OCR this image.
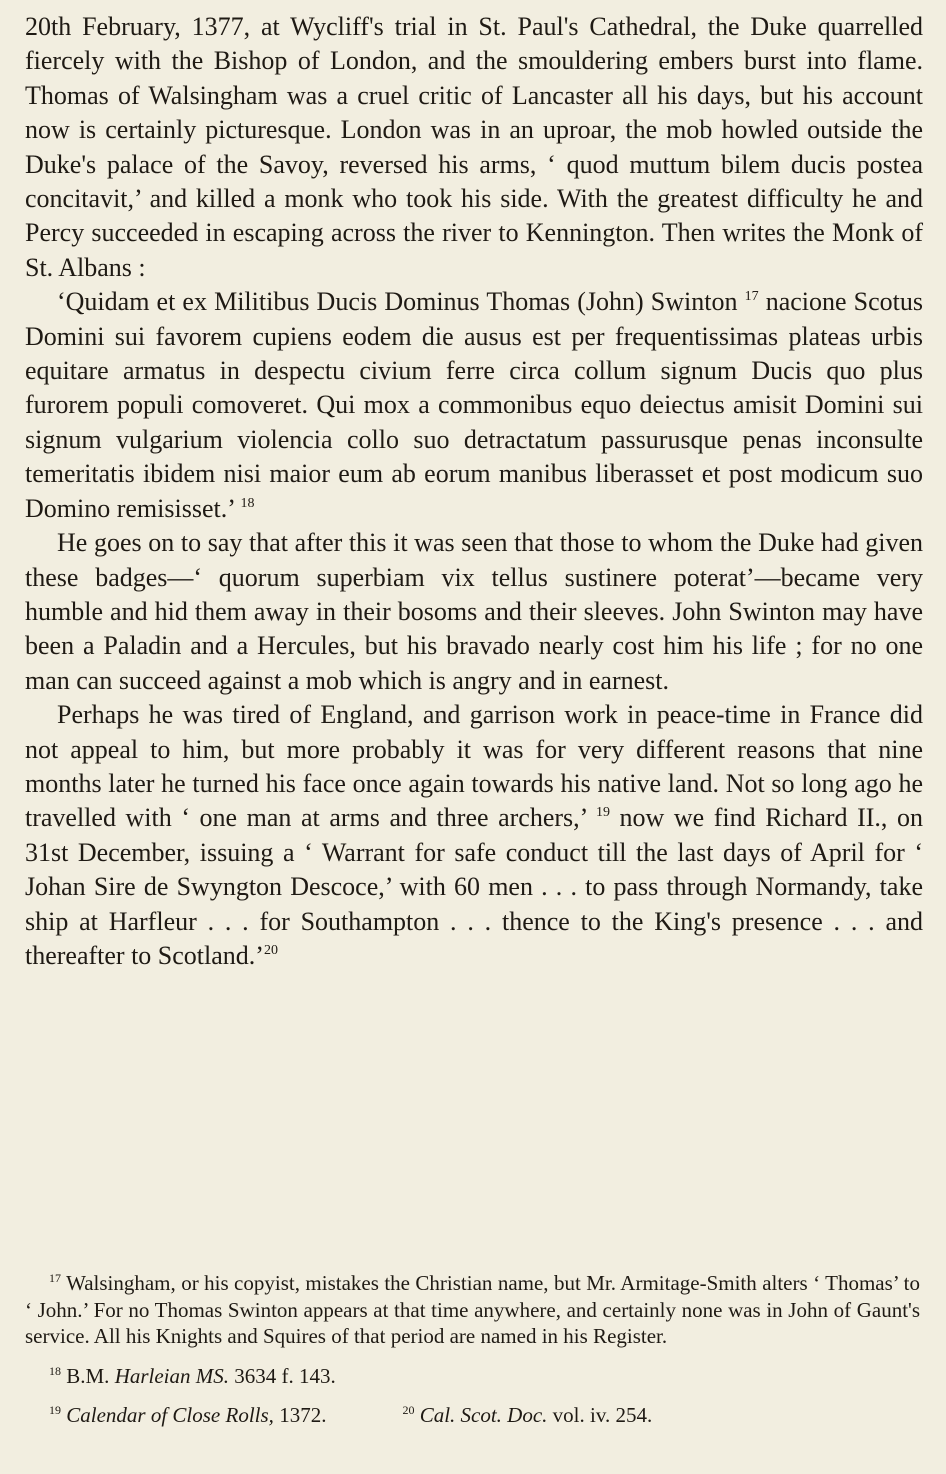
20th February, 1377, at Wycliff's trial in St. Paul's Cathedral, the Duke quarrelled fiercely with the Bishop of London, and the smouldering embers burst into flame. Thomas of Walsingham was a cruel critic of Lancaster all his days, but his account now is certainly picturesque. London was in an uproar, the mob howled outside the Duke's palace of the Savoy, reversed his arms, ‘ quod muttum bilem ducis postea concitavit,’ and killed a monk who took his side. With the greatest difficulty he and Percy succeeded in escaping across the river to Kennington. Then writes the Monk of St. Albans :

‘Quidam et ex Militibus Ducis Dominus Thomas (John) Swinton $^{17}$ nacione Scotus Domini sui favorem cupiens eodem die ausus est per frequentissimas plateas urbis equitare armatus in despectu civium ferre circa collum signum Ducis quo plus furorem populi comoveret. Qui mox a commonibus equo deiectus amisit Domini sui signum vulgarium violencia collo suo detractatum passurusque penas inconsulte temeritatis ibidem nisi maior eum ab eorum manibus liberasset et post modicum suo Domino remisisset.’ $^{18}$

He goes on to say that after this it was seen that those to whom the Duke had given these badges—‘ quorum superbiam vix tellus sustinere poterat’—became very humble and hid them away in their bosoms and their sleeves. John Swinton may have been a Paladin and a Hercules, but his bravado nearly cost him his life ; for no one man can succeed against a mob which is angry and in earnest.

Perhaps he was tired of England, and garrison work in peace-time in France did not appeal to him, but more probably it was for very different reasons that nine months later he turned his face once again towards his native land. Not so long ago he travelled with ‘ one man at arms and three archers,’ $^{19}$ now we find Richard II., on 31st December, issuing a ‘ Warrant for safe conduct till the last days of April for ‘ Johan Sire de Swyngton Descoce,’ with 60 men . . . to pass through Normandy, take ship at Harfleur . . . for Southampton . . . thence to the King's presence . . . and thereafter to Scotland.’$^{20}$

$^{17}$ Walsingham, or his copyist, mistakes the Christian name, but Mr. Armitage-Smith alters ‘ Thomas’ to ‘ John.’ For no Thomas Swinton appears at that time anywhere, and certainly none was in John of Gaunt's service. All his Knights and Squires of that period are named in his Register.

$^{18}$ B.M. Harleian MS. 3634 f. 143.

$^{19}$ Calendar of Close Rolls, 1372.	$^{20}$ Cal. Scot. Doc. vol. iv. 254.
